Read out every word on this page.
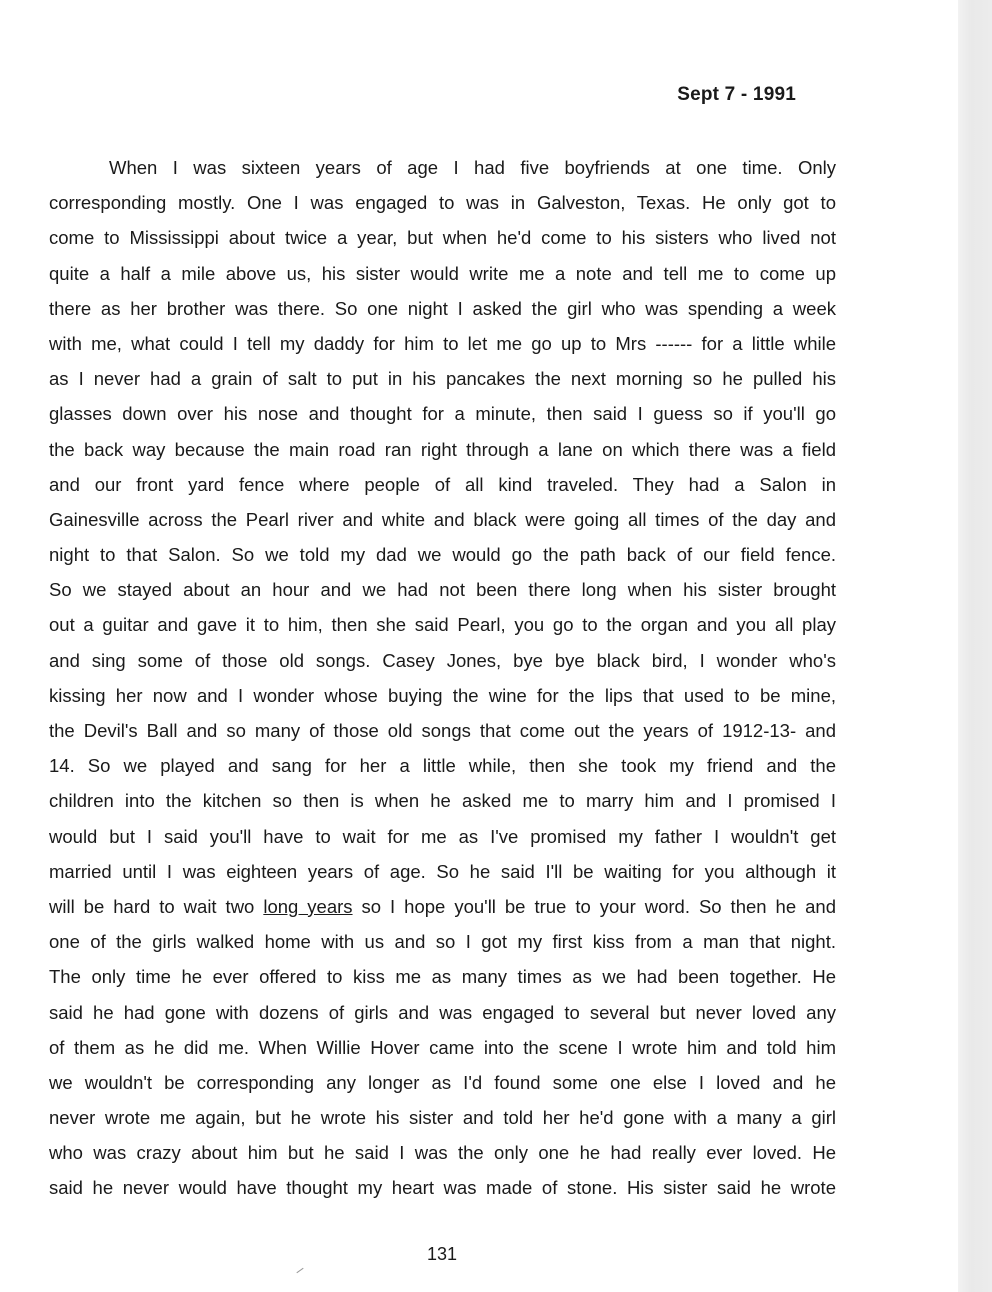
Sept 7 - 1991
When I was sixteen years of age I had five boyfriends at one time. Only
corresponding mostly. One I was engaged to was in Galveston, Texas. He only got to
come to Mississippi about twice a year, but when he'd come to his sisters who lived not
quite a half a mile above us, his sister would write me a note and tell me to come up
there as her brother was there. So one night I asked the girl who was spending a week
with me, what could I tell my daddy for him to let me go up to Mrs ------ for a little while
as I never had a grain of salt to put in his pancakes the next morning so he pulled his
glasses down over his nose and thought for a minute, then said I guess so if you'll go
the back way because the main road ran right through a lane on which there was a field
and our front yard fence where people of all kind traveled. They had a Salon in
Gainesville across the Pearl river and white and black were going all times of the day and
night to that Salon. So we told my dad we would go the path back of our field fence.
So we stayed about an hour and we had not been there long when his sister brought
out a guitar and gave it to him, then she said Pearl, you go to the organ and you all play
and sing some of those old songs. Casey Jones, bye bye black bird, I wonder who's
kissing her now and I wonder whose buying the wine for the lips that used to be mine,
the Devil's Ball and so many of those old songs that come out the years of 1912-13- and
14. So we played and sang for her a little while, then she took my friend and the
children into the kitchen so then is when he asked me to marry him and I promised I
would but I said you'll have to wait for me as I've promised my father I wouldn't get
married until I was eighteen years of age. So he said I'll be waiting for you although it
will be hard to wait two long years so I hope you'll be true to your word. So then he and
one of the girls walked home with us and so I got my first kiss from a man that night.
The only time he ever offered to kiss me as many times as we had been together. He
said he had gone with dozens of girls and was engaged to several but never loved any
of them as he did me. When Willie Hover came into the scene I wrote him and told him
we wouldn't be corresponding any longer as I'd found some one else I loved and he
never wrote me again, but he wrote his sister and told her he'd gone with a many a girl
who was crazy about him but he said I was the only one he had really ever loved. He
said he never would have thought my heart was made of stone. His sister said he wrote
131
